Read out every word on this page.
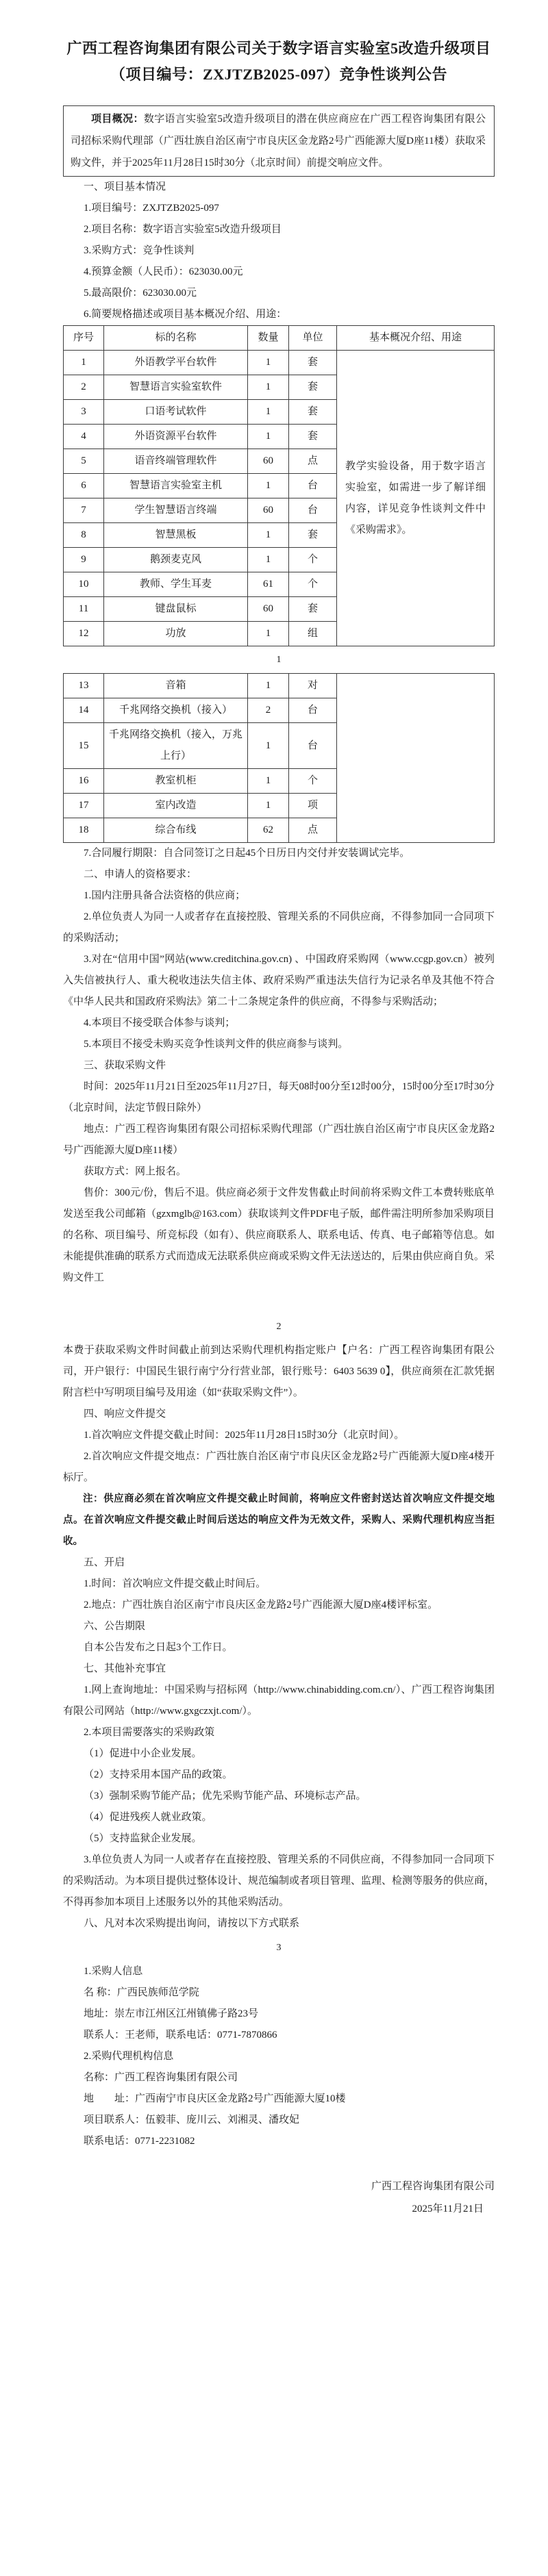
广西工程咨询集团有限公司关于数字语言实验室5改造升级项目
（项目编号：ZXJTZB2025-097）竞争性谈判公告

项目概况：数字语言实验室5改造升级项目的潜在供应商应在广西工程咨询集团有限公司招标采购代理部（广西壮族自治区南宁市良庆区金龙路2号广西能源大厦D座11楼）获取采购文件，并于2025年11月28日15时30分（北京时间）前提交响应文件。

一、项目基本情况

1.项目编号：ZXJTZB2025-097

2.项目名称：数字语言实验室5改造升级项目

3.采购方式：竞争性谈判

4.预算金额（人民币）：623030.00元

5.最高限价：623030.00元

6.简要规格描述或项目基本概况介绍、用途：

序号	标的名称	数量	单位	基本概况介绍、用途
1	外语教学平台软件	1	套	教学实验设备，用于数字语言实验室，如需进一步了解详细内容，详见竞争性谈判文件中《采购需求》。
2	智慧语言实验室软件	1	套	
3	口语考试软件	1	套	
4	外语资源平台软件	1	套	
5	语音终端管理软件	60	点	
6	智慧语言实验室主机	1	台	
7	学生智慧语言终端	60	台	
8	智慧黑板	1	套	
9	鹅颈麦克风	1	个	
10	教师、学生耳麦	61	个	
11	键盘鼠标	60	套	
12	功放	1	组	
1
13	音箱	1	对	
14	千兆网络交换机（接入）	2	台	
15	千兆网络交换机（接入，万兆上行）	1	台	
16	教室机柜	1	个	
17	室内改造	1	项	
18	综合布线	62	点	

7.合同履行期限：自合同签订之日起45个日历日内交付并安装调试完毕。

二、申请人的资格要求：

1.国内注册具备合法资格的供应商；

2.单位负责人为同一人或者存在直接控股、管理关系的不同供应商，不得参加同一合同项下的采购活动；

3.对在“信用中国”网站(www.creditchina.gov.cn) 、中国政府采购网（www.ccgp.gov.cn）被列入失信被执行人、重大税收违法失信主体、政府采购严重违法失信行为记录名单及其他不符合《中华人民共和国政府采购法》第二十二条规定条件的供应商，不得参与采购活动；

4.本项目不接受联合体参与谈判；

5.本项目不接受未购买竞争性谈判文件的供应商参与谈判。

三、获取采购文件

时间：2025年11月21日至2025年11月27日，每天08时00分至12时00分，15时00分至17时30分（北京时间，法定节假日除外）

地点：广西工程咨询集团有限公司招标采购代理部（广西壮族自治区南宁市良庆区金龙路2号广西能源大厦D座11楼）

获取方式：网上报名。

售价：300元/份，售后不退。供应商必须于文件发售截止时间前将采购文件工本费转账底单发送至我公司邮箱（gzxmglb@163.com）获取谈判文件PDF电子版，邮件需注明所参加采购项目的名称、项目编号、所竞标段（如有）、供应商联系人、联系电话、传真、电子邮箱等信息。如未能提供准确的联系方式而造成无法联系供应商或采购文件无法送达的，后果由供应商自负。采购文件工

2

本费于获取采购文件时间截止前到达采购代理机构指定账户【户名：广西工程咨询集团有限公司，开户银行：中国民生银行南宁分行营业部，银行账号：6403 5639 0】，供应商须在汇款凭据附言栏中写明项目编号及用途（如“获取采购文件”）。

四、响应文件提交

1.首次响应文件提交截止时间：2025年11月28日15时30分（北京时间）。

2.首次响应文件提交地点：广西壮族自治区南宁市良庆区金龙路2号广西能源大厦D座4楼开标厅。

注：供应商必须在首次响应文件提交截止时间前，将响应文件密封送达首次响应文件提交地点。在首次响应文件提交截止时间后送达的响应文件为无效文件，采购人、采购代理机构应当拒收。

五、开启

1.时间：首次响应文件提交截止时间后。

2.地点：广西壮族自治区南宁市良庆区金龙路2号广西能源大厦D座4楼评标室。

六、公告期限

自本公告发布之日起3个工作日。

七、其他补充事宜

1.网上查询地址：中国采购与招标网（http://www.chinabidding.com.cn/）、广西工程咨询集团有限公司网站（http://www.gxgczxjt.com/）。

2.本项目需要落实的采购政策

（1）促进中小企业发展。

（2）支持采用本国产品的政策。

（3）强制采购节能产品；优先采购节能产品、环境标志产品。

（4）促进残疾人就业政策。

（5）支持监狱企业发展。

3.单位负责人为同一人或者存在直接控股、管理关系的不同供应商，不得参加同一合同项下的采购活动。为本项目提供过整体设计、规范编制或者项目管理、监理、检测等服务的供应商，不得再参加本项目上述服务以外的其他采购活动。

八、凡对本次采购提出询问，请按以下方式联系

3

1.采购人信息

名 称：广西民族师范学院

地址：崇左市江州区江州镇佛子路23号

联系人：王老师，联系电话：0771-7870866

2.采购代理机构信息

名称：广西工程咨询集团有限公司

地　　址：广西南宁市良庆区金龙路2号广西能源大厦10楼

项目联系人：伍毅菲、庞川云、刘湘灵、潘玫妃

联系电话：0771-2231082

广西工程咨询集团有限公司
2025年11月21日
